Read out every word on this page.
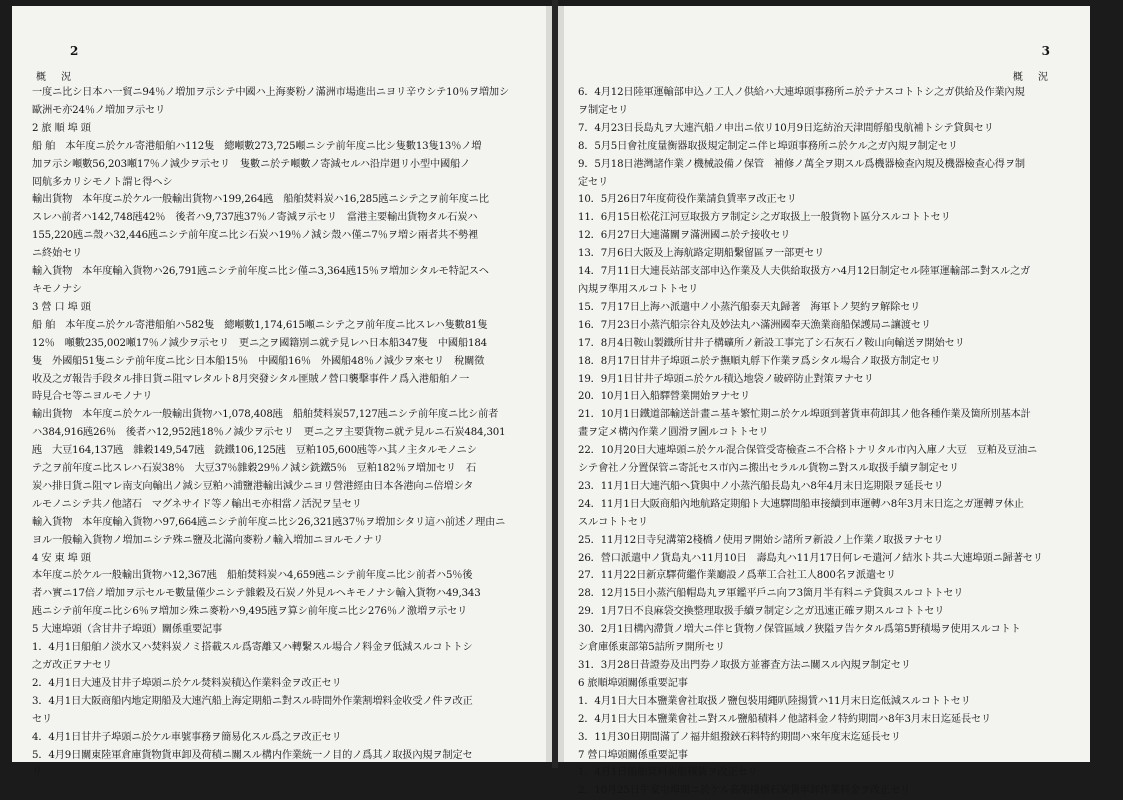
2
概 況
一度ニ比シ日本ハ一貿ニ94％ノ増加ヲ示シテ中國ハ上海麥粉ノ滿洲市場進出ニヨリ辛ウシテ10％ヲ増加シ
歐洲モ亦24％ノ増加ヲ示セリ
2 旅 順 埠 頭
船 舶　本年度ニ於ケル寄港船舶ハ112隻　總噸數273,725噸ニシテ前年度ニ比シ隻數13隻13％ノ増
加ヲ示シ噸數56,203噸17％ノ減少ヲ示セリ　隻數ニ於テ噸數ノ寄減セルハ沿岸廻リ小型中國船ノ
囘航多カリシモノト謂ヒ得ヘシ
輸出貨物　本年度ニ於ケル一般輸出貨物ハ199,264瓲　船舶焚料炭ハ16,285瓲ニシテ之ヲ前年度ニ比
スレハ前者ハ142,748瓲42％　後者ハ9,737瓲37％ノ寄減ヲ示セリ　當港主要輸出貨物タル石炭ハ
155,220瓲ニ殼ハ32,446瓲ニシテ前年度ニ比シ石炭ハ19％ノ減シ殼ハ僅ニ7％ヲ増シ兩者共不勢裡
ニ終始セリ
輸入貨物　本年度輸入貨物ハ26,791瓲ニシテ前年度ニ比シ僅ニ3,364瓲15％ヲ増加シタルモ特記スヘ
キモノナシ
3 營 口 埠 頭
船 舶　本年度ニ於ケル寄港船舶ハ582隻　總噸數1,174,615噸ニシテ之ヲ前年度ニ比スレハ隻數81隻
12％　噸數235,002噸17％ノ減少ヲ示セリ　更ニ之ヲ國籍別ニ就テ見レハ日本船347隻　中國船184
隻　外國船51隻ニシテ前年度ニ比シ日本船15％　中國船16％　外國船48％ノ減少ヲ來セリ　稅關徵
收及之ガ報告手段タル排日貨ニ阻マレタルト8月突發シタル匪賊ノ營口襲擊事件ノ爲入港船舶ノ一
時見合セ等ニヨルモノナリ
輸出貨物　本年度ニ於ケル一般輸出貨物ハ1,078,408瓲　船舶焚料炭57,127瓲ニシテ前年度ニ比シ前者
ハ384,916瓲26％　後者ハ12,952瓲18％ノ減少ヲ示セリ　更ニ之ヲ主要貨物ニ就テ見ルニ石炭484,301
瓲　大豆164,137瓲　雜穀149,547瓲　銑鐵106,125瓲　豆粕105,600瓲等ハ其ノ主タルモノニシ
テ之ヲ前年度ニ比スレハ石炭38％　大豆37％雜穀29％ノ減シ銑鐵5％　豆粕182％ヲ増加セリ　石
炭ハ排日貨ニ阻マレ南支向輸出ノ減シ豆粕ハ浦鹽港輸出減少ニヨリ營港經由日本各港向ニ倍増シタ
ルモノニシテ共ノ他諸石　マグネサイド等ノ輸出モ亦相當ノ活況ヲ呈セリ
輸入貨物　本年度輸入貨物ハ97,664瓲ニシテ前年度ニ比シ26,321瓲37％ヲ増加シタリ這ハ前述ノ理由ニ
ヨル一般輸入貨物ノ増加ニシテ殊ニ鹽及北滿向麥粉ノ輸入増加ニヨルモノナリ
4 安 東 埠 頭
本年度ニ於ケル一般輸出貨物ハ12,367瓲　船舶焚料炭ハ4,659瓲ニシテ前年度ニ比シ前者ハ5％後
者ハ實ニ17倍ノ増加ヲ示セルモ數量僅少ニシテ雜穀及石炭ノ外見ルヘキモノナシ輸入貨物ハ49,343
瓲ニシテ前年度ニ比シ6％ヲ増加シ殊ニ麥粉ハ9,495瓲ヲ算シ前年度ニ比シ276％ノ激増ヲ示セリ
5 大連埠頭（含甘井子埠頭）關係重要記事
1．4月1日船舶ノ淡水又ハ焚料炭ノミ搭載スル爲寄離又ハ轉繫スル場合ノ料金ヲ低減スルコトトシ
之ガ改正ヲナセリ
2．4月1日大連及甘井子埠頭ニ於ケル焚料炭積込作業料金ヲ改正セリ
3．4月1日大阪商船内地定期船及大連汽船上海定期船ニ對スル時間外作業割増料金收受ノ件ヲ改正
セリ
4．4月1日甘井子埠頭ニ於ケル車號事務ヲ簡易化スル爲之ヲ改正セリ
5．4月9日關東陸軍倉庫貨物貨車卸及荷積ニ關スル構内作業統一ノ目的ノ爲其ノ取扱內規ヲ制定セ
リ
3
概 況
6．4月12日陸軍運輸部申込ノ工人ノ供給ハ大連埠頭事務所ニ於テナスコトトシ之ガ供給及作業內規
ヲ制定セリ
7．4月23日長島丸ヲ大連汽船ノ申出ニ依リ10月9日迄紡治天津間艀船曳航補トシテ貸與セリ
8．5月5日會社度量衡器取扱規定制定ニ伴ヒ埠頭事務所ニ於ケル之ガ內規ヲ制定セリ
9．5月18日港灣諸作業ノ機械設備ノ保管　補修ノ萬全ヲ期スル爲機器檢查內規及機器檢查心得ヲ制
定セリ
10．5月26日7年度荷役作業請負賃率ヲ改正セリ
11．6月15日松花江河豆取扱方ヲ制定シ之ガ取扱上一般貨物ト區分スルコトトセリ
12．6月27日大連滿關ヲ滿洲國ニ於テ接收セリ
13．7月6日大阪及上海航路定期船繫留區ヲ一部更セリ
14．7月11日大連長站部支部申込作業及人夫供給取扱方ハ4月12日制定セル陸軍運輸部ニ對スル之ガ
內規ヲ準用スルコトトセリ
15．7月17日上海ハ派遣中ノ小蒸汽船泰天丸歸著　海軍トノ契約ヲ解除セリ
16．7月23日小蒸汽船宗谷丸及妙法丸ハ滿洲國奉天漁業商船保護局ニ讓渡セリ
17．8月4日鞍山製鐵所甘井子構礦所ノ新設工事完了シ石灰石ノ鞍山向輸送ヲ開始セリ
18．8月17日甘井子埠頭ニ於テ撫順丸艀下作業ヲ爲シタル場合ノ取扱方制定セリ
19．9月1日甘井子埠頭ニ於ケル積込地袋ノ破碎防止對策ヲナセリ
20．10月1日入船驛營業開始ヲナセリ
21．10月1日鐵道部輸送計畫ニ基キ繁忙期ニ於ケル埠頭到著貨車荷卸其ノ他各種作業及箇所別基本計
畫ヲ定メ構內作業ノ圓滑ヲ圖ルコトトセリ
22．10月20日大連埠頭ニ於ケル混合保管受寄檢查ニ不合格トナリタル市內入庫ノ大豆　豆粕及豆油ニ
シテ會社ノ分置保管ニ寄託セス市內ニ搬出セラルル貨物ニ對スル取扱手續ヲ制定セリ
23．11月1日大連汽船ヘ貸與中ノ小蒸汽船長島丸ハ8年4月末日迄期限ヲ延長セリ
24．11月1日大阪商船內地航路定期船ト大連驛間船車接續到車運轉ハ8年3月末日迄之ガ運轉ヲ休止
スルコトトセリ
25．11月12日寺兒溝第2棧橋ノ使用ヲ開始シ諸所ヲ新設ノ上作業ノ取扱ヲナセリ
26．營口派遣中ノ貨島丸ハ11月10日　壽島丸ハ11月17日何レモ遣河ノ結氷ト共ニ大連埠頭ニ歸著セリ
27．11月22日新京驛荷繼作業廳設ノ爲華工合社工人800名ヲ派遣セリ
28．12月15日小蒸汽船帽島丸ヲ軍鑑平戶ニ向フ3箇月半有料ニテ貸與スルコトトセリ
29．1月7日不良麻袋交換整理取扱手續ヲ制定シ之ガ迅速正確ヲ期スルコトトセリ
30．2月1日構內滯貨ノ増大ニ伴ヒ貨物ノ保管區域ノ狹隘ヲ告ケタル爲第5野積場ヲ使用スルコトト
シ倉庫係東部第5詰所ヲ開所セリ
31．3月28日昔證券及出門券ノ取扱方並審査方法ニ關スル內規ヲ制定セリ
6 旅順埠頭關係重要記事
1．4月1日大日本鹽業會社取扱ノ鹽包裝用繩叭陸揚賃ハ11月末日迄低減スルコトトセリ
2．4月1日大日本鹽業會社ニ對スル鹽船積料ノ他諸料金ノ特約期間ハ8年3月末日迄延長セリ
3．11月30日期間滿了ノ福井組撥鋏石料特約期間ハ來年度末迄延長セリ
7 營口埠頭關係重要記事
1．4月1日船舶焚料炭船積賃ヲ改正セリ
2．10月25日牛家屯埠頭ニ於ケル高架棧橋石炭貨車卸作業料金ヲ改正セリ
